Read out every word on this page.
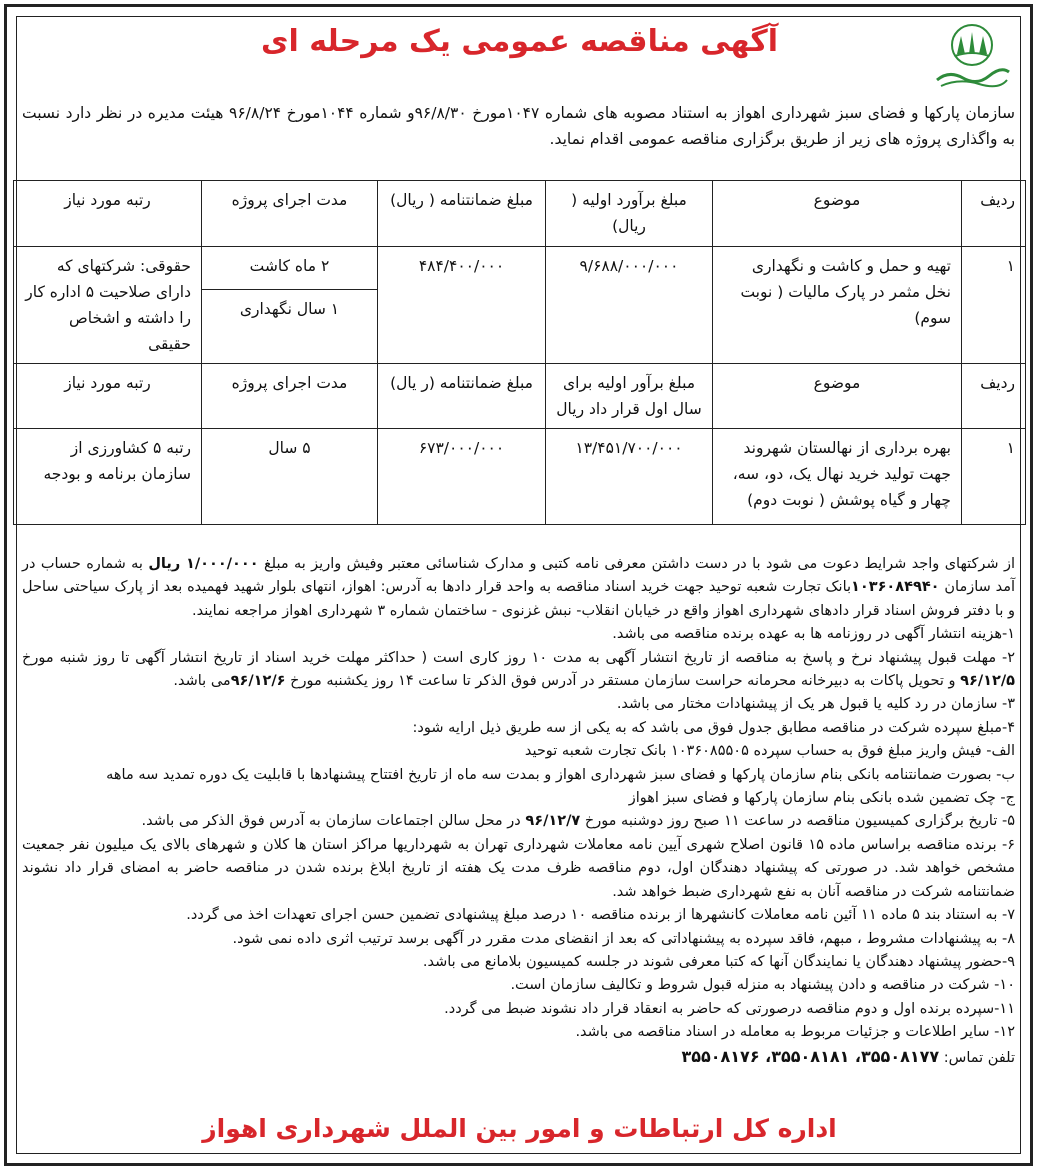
آگهی مناقصه عمومی یک مرحله ای
سازمان پارکها و فضای سبز شهرداری اهواز به استناد مصوبه های شماره ۱۰۴۷مورخ ۹۶/۸/۳۰و شماره ۱۰۴۴مورخ ۹۶/۸/۲۴ هیئت مدیره در نظر دارد نسبت به واگذاری پروژه های زیر از طریق برگزاری مناقصه عمومی اقدام نماید.
ردیف	موضوع	مبلغ برآورد اولیه ( ریال)	مبلغ ضمانتنامه ( ریال)	مدت اجرای پروژه	رتبه مورد نیاز
۱	تهیه و حمل و کاشت و نگهداری نخل مثمر در پارک مالیات ( نوبت سوم)	۹/۶۸۸/۰۰۰/۰۰۰	۴۸۴/۴۰۰/۰۰۰	۲ ماه کاشت	حقوقی: شرکتهای که دارای صلاحیت ۵ اداره کار را داشته و اشخاص حقیقی
				۱ سال نگهداری	
ردیف	موضوع	مبلغ برآور اولیه برای سال اول قرار داد ریال	مبلغ ضمانتنامه (ر یال)	مدت اجرای پروژه	رتبه مورد نیاز
۱	بهره برداری از نهالستان شهروند جهت تولید خرید نهال یک، دو، سه، چهار و گیاه پوشش ( نوبت دوم)	۱۳/۴۵۱/۷۰۰/۰۰۰	۶۷۳/۰۰۰/۰۰۰	۵ سال	رتبه ۵ کشاورزی از سازمان برنامه و بودجه

از شرکتهای واجد شرایط دعوت می شود با در دست داشتن معرفی نامه کتبی و مدارک شناسائی معتبر وفیش واریز به مبلغ ۱/۰۰۰/۰۰۰ ریال به شماره حساب در آمد سازمان ۱۰۳۶۰۸۴۹۴۰بانک تجارت شعبه توحید جهت خرید اسناد مناقصه به واحد قرار دادها به آدرس: اهواز، انتهای بلوار شهید فهمیده بعد از پارک سیاحتی ساحل و با دفتر فروش اسناد قرار دادهای شهرداری اهواز واقع در خیابان انقلاب- نبش غزنوی - ساختمان شماره ۳ شهرداری اهواز مراجعه نمایند.

۱-هزینه انتشار آگهی در روزنامه ها به عهده برنده مناقصه می باشد.

۲- مهلت قبول پیشنهاد نرخ و پاسخ به مناقصه از تاریخ انتشار آگهی به مدت ۱۰ روز کاری است ( حداکثر مهلت خرید اسناد از تاریخ انتشار آگهی تا روز شنبه مورخ ۹۶/۱۲/۵ و تحویل پاکات به دبیرخانه محرمانه حراست سازمان مستقر در آدرس فوق الذکر تا ساعت ۱۴ روز یکشنبه مورخ ۹۶/۱۲/۶می باشد.

۳- سازمان در رد کلیه یا قبول هر یک از پیشنهادات مختار می باشد.

۴-مبلغ سپرده شرکت در مناقصه مطابق جدول فوق می باشد که به یکی از سه طریق ذیل ارایه شود:

الف- فیش واریز مبلغ فوق به حساب سپرده ۱۰۳۶۰۸۵۵۰۵ بانک تجارت شعبه توحید

ب- بصورت ضمانتنامه بانکی بنام سازمان پارکها و فضای سبز شهرداری اهواز و بمدت سه ماه از تاریخ افتتاح پیشنهادها با قابلیت یک دوره تمدید سه ماهه

ج- چک تضمین شده بانکی بنام سازمان پارکها و فضای سبز اهواز

۵- تاریخ برگزاری کمیسیون مناقصه در ساعت ۱۱ صبح روز دوشنبه مورخ ۹۶/۱۲/۷ در محل سالن اجتماعات سازمان به آدرس فوق الذکر می باشد.

۶- برنده مناقصه براساس ماده ۱۵ قانون اصلاح شهری آیین نامه معاملات شهرداری تهران به شهرداریها مراکز استان ها کلان و شهرهای بالای یک میلیون نفر جمعیت مشخص خواهد شد. در صورتی که پیشنهاد دهندگان اول، دوم مناقصه ظرف مدت یک هفته از تاریخ ابلاغ برنده شدن در مناقصه حاضر به امضای قرار داد نشوند ضمانتنامه شرکت در مناقصه آنان به نفع شهرداری ضبط خواهد شد.

۷- به استناد بند ۵ ماده ۱۱ آئین نامه معاملات کانشهرها از برنده مناقصه ۱۰ درصد مبلغ پیشنهادی تضمین حسن اجرای تعهدات اخذ می گردد.

۸- به پیشنهادات مشروط ، مبهم، فاقد سپرده به پیشنهاداتی که بعد از انقضای مدت مقرر در آگهی برسد ترتیب اثری داده نمی شود.

۹-حضور پیشنهاد دهندگان یا نمایندگان آنها که کتبا معرفی شوند در جلسه کمیسیون بلامانع می باشد.

۱۰- شرکت در مناقصه و دادن پیشنهاد به منزله قبول شروط و تکالیف سازمان است.

۱۱-سپرده برنده اول و دوم مناقصه درصورتی که حاضر به انعقاد قرار داد نشوند ضبط می گردد.

۱۲- سایر اطلاعات و جزئیات مربوط به معامله در اسناد مناقصه می باشد.

تلفن تماس: ۳۵۵۰۸۱۷۷، ۳۵۵۰۸۱۸۱، ۳۵۵۰۸۱۷۶

اداره کل ارتباطات و امور بین الملل شهرداری اهواز
